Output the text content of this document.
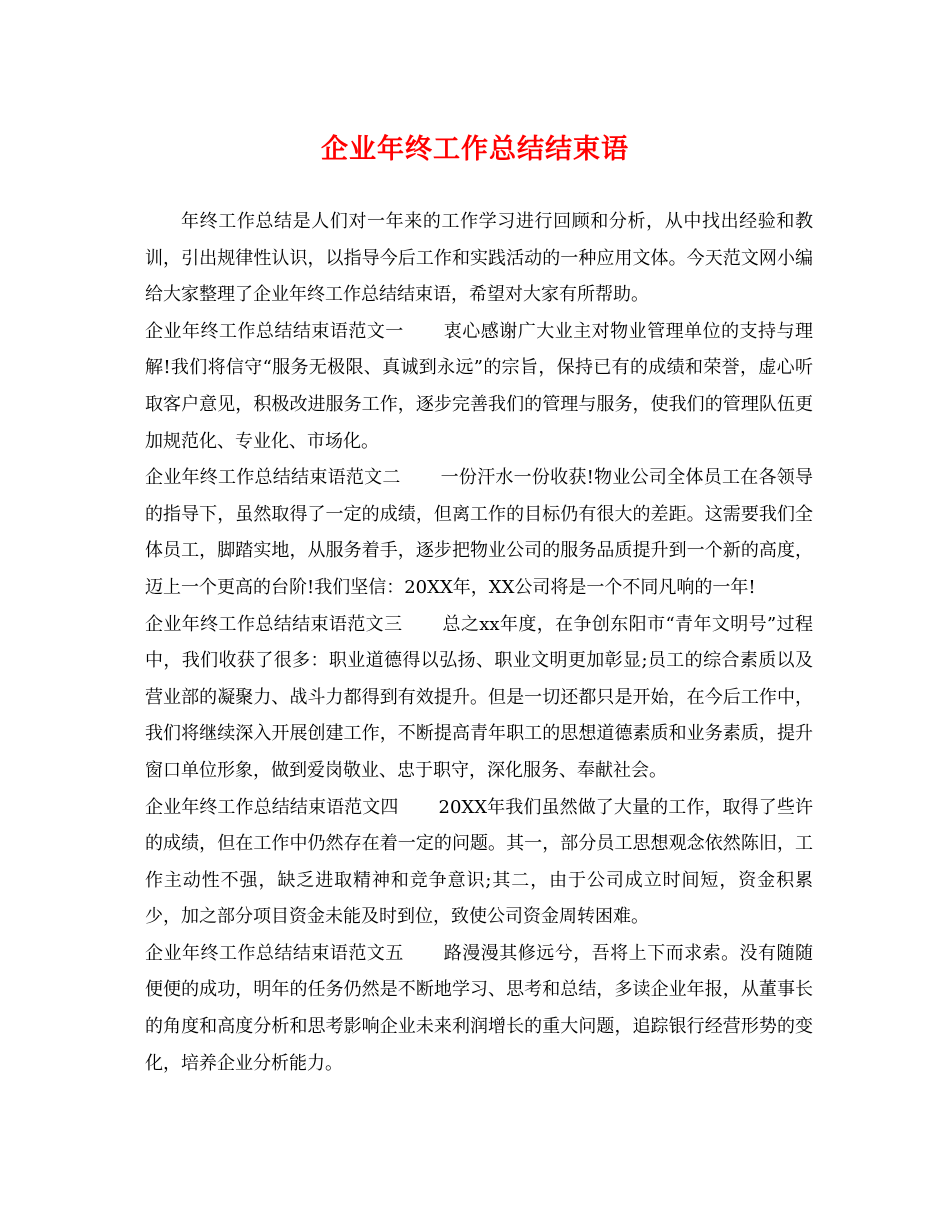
企业年终工作总结结束语

年终工作总结是人们对一年来的工作学习进行回顾和分析，从中找出经验和教训，引出规律性认识，以指导今后工作和实践活动的一种应用文体。今天范文网小编给大家整理了企业年终工作总结结束语，希望对大家有所帮助。

企业年终工作总结结束语范文一 衷心感谢广大业主对物业管理单位的支持与理解!我们将信守“服务无极限、真诚到永远”的宗旨，保持已有的成绩和荣誉，虚心听取客户意见，积极改进服务工作，逐步完善我们的管理与服务，使我们的管理队伍更加规范化、专业化、市场化。

企业年终工作总结结束语范文二 一份汗水一份收获!物业公司全体员工在各领导的指导下，虽然取得了一定的成绩，但离工作的目标仍有很大的差距。这需要我们全体员工，脚踏实地，从服务着手，逐步把物业公司的服务品质提升到一个新的高度，迈上一个更高的台阶!我们坚信：20XX年，XX公司将是一个不同凡响的一年!

企业年终工作总结结束语范文三 总之xx年度，在争创东阳市“青年文明号”过程中，我们收获了很多：职业道德得以弘扬、职业文明更加彰显;员工的综合素质以及营业部的凝聚力、战斗力都得到有效提升。但是一切还都只是开始，在今后工作中，我们将继续深入开展创建工作，不断提高青年职工的思想道德素质和业务素质，提升窗口单位形象，做到爱岗敬业、忠于职守，深化服务、奉献社会。

企业年终工作总结结束语范文四 20XX年我们虽然做了大量的工作，取得了些许的成绩，但在工作中仍然存在着一定的问题。其一，部分员工思想观念依然陈旧，工作主动性不强，缺乏进取精神和竞争意识;其二，由于公司成立时间短，资金积累少，加之部分项目资金未能及时到位，致使公司资金周转困难。

企业年终工作总结结束语范文五 路漫漫其修远兮，吾将上下而求索。没有随随便便的成功，明年的任务仍然是不断地学习、思考和总结，多读企业年报，从董事长的角度和高度分析和思考影响企业未来利润增长的重大问题，追踪银行经营形势的变化，培养企业分析能力。
